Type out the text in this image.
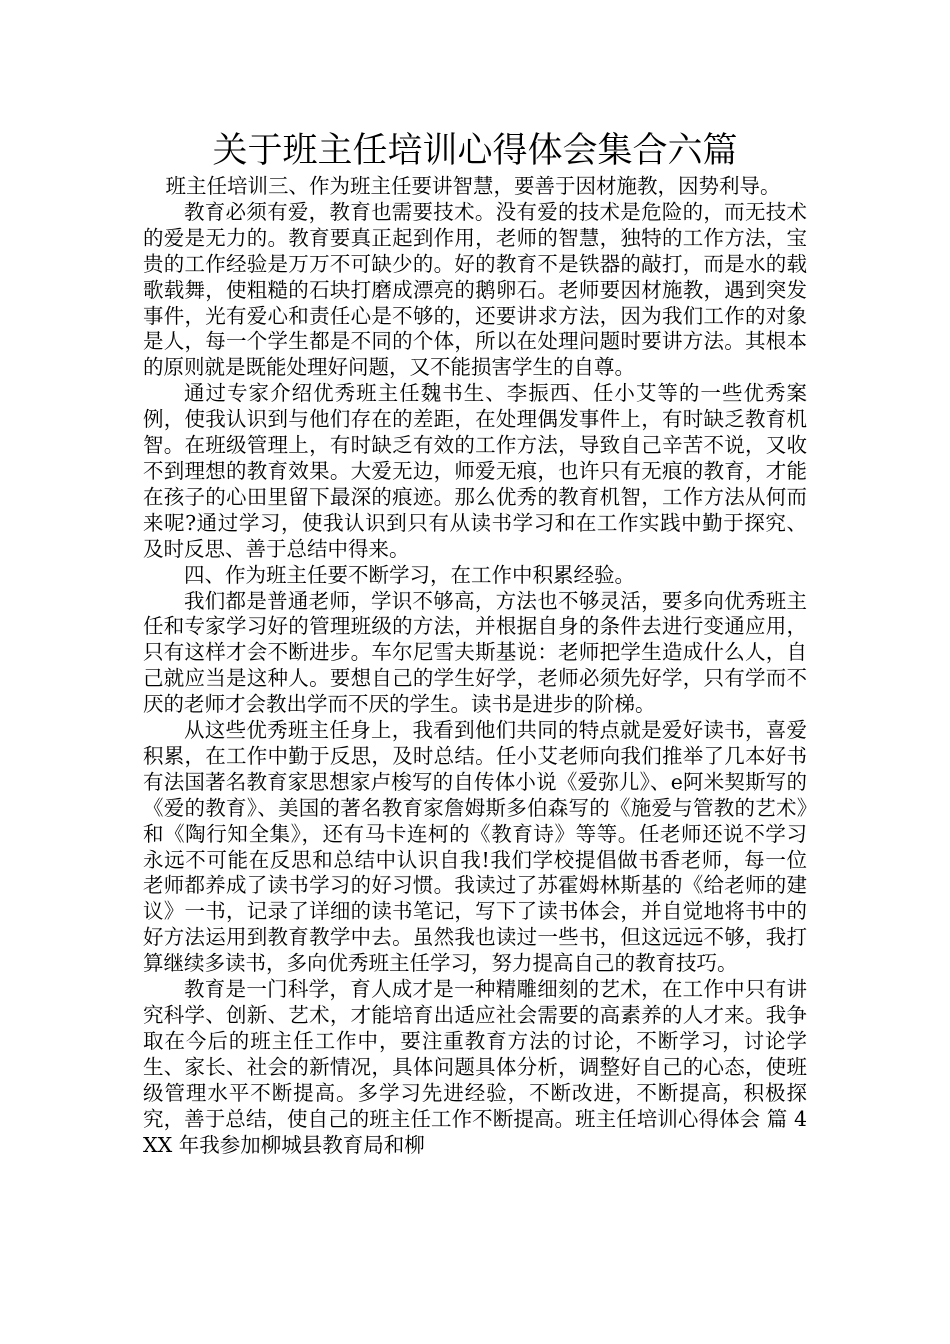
关于班主任培训心得体会集合六篇

班主任培训三、作为班主任要讲智慧，要善于因材施教，因势利导。

教育必须有爱，教育也需要技术。没有爱的技术是危险的，而无技术的爱是无力的。教育要真正起到作用，老师的智慧，独特的工作方法，宝贵的工作经验是万万不可缺少的。好的教育不是铁器的敲打，而是水的载歌载舞，使粗糙的石块打磨成漂亮的鹅卵石。老师要因材施教，遇到突发事件，光有爱心和责任心是不够的，还要讲求方法，因为我们工作的对象是人，每一个学生都是不同的个体，所以在处理问题时要讲方法。其根本的原则就是既能处理好问题，又不能损害学生的自尊。

通过专家介绍优秀班主任魏书生、李振西、任小艾等的一些优秀案例，使我认识到与他们存在的差距，在处理偶发事件上，有时缺乏教育机智。在班级管理上，有时缺乏有效的工作方法，导致自己辛苦不说，又收不到理想的教育效果。大爱无边，师爱无痕，也许只有无痕的教育，才能在孩子的心田里留下最深的痕迹。那么优秀的教育机智，工作方法从何而来呢?通过学习，使我认识到只有从读书学习和在工作实践中勤于探究、及时反思、善于总结中得来。

四、作为班主任要不断学习，在工作中积累经验。

我们都是普通老师，学识不够高，方法也不够灵活，要多向优秀班主任和专家学习好的管理班级的方法，并根据自身的条件去进行变通应用，只有这样才会不断进步。车尔尼雪夫斯基说：老师把学生造成什么人，自己就应当是这种人。要想自己的学生好学，老师必须先好学，只有学而不厌的老师才会教出学而不厌的学生。读书是进步的阶梯。

从这些优秀班主任身上，我看到他们共同的特点就是爱好读书，喜爱积累，在工作中勤于反思，及时总结。任小艾老师向我们推举了几本好书有法国著名教育家思想家卢梭写的自传体小说《爱弥儿》、e阿米契斯写的《爱的教育》、美国的著名教育家詹姆斯多伯森写的《施爱与管教的艺术》和《陶行知全集》，还有马卡连柯的《教育诗》等等。任老师还说不学习永远不可能在反思和总结中认识自我!我们学校提倡做书香老师，每一位老师都养成了读书学习的好习惯。我读过了苏霍姆林斯基的《给老师的建议》一书，记录了详细的读书笔记，写下了读书体会，并自觉地将书中的好方法运用到教育教学中去。虽然我也读过一些书，但这远远不够，我打算继续多读书，多向优秀班主任学习，努力提高自己的教育技巧。

教育是一门科学，育人成才是一种精雕细刻的艺术，在工作中只有讲究科学、创新、艺术，才能培育出适应社会需要的高素养的人才来。我争取在今后的班主任工作中，要注重教育方法的讨论，不断学习，讨论学生、家长、社会的新情况，具体问题具体分析，调整好自己的心态，使班级管理水平不断提高。多学习先进经验，不断改进，不断提高，积极探究，善于总结，使自己的班主任工作不断提高。班主任培训心得体会 篇 4XX 年我参加柳城县教育局和柳
